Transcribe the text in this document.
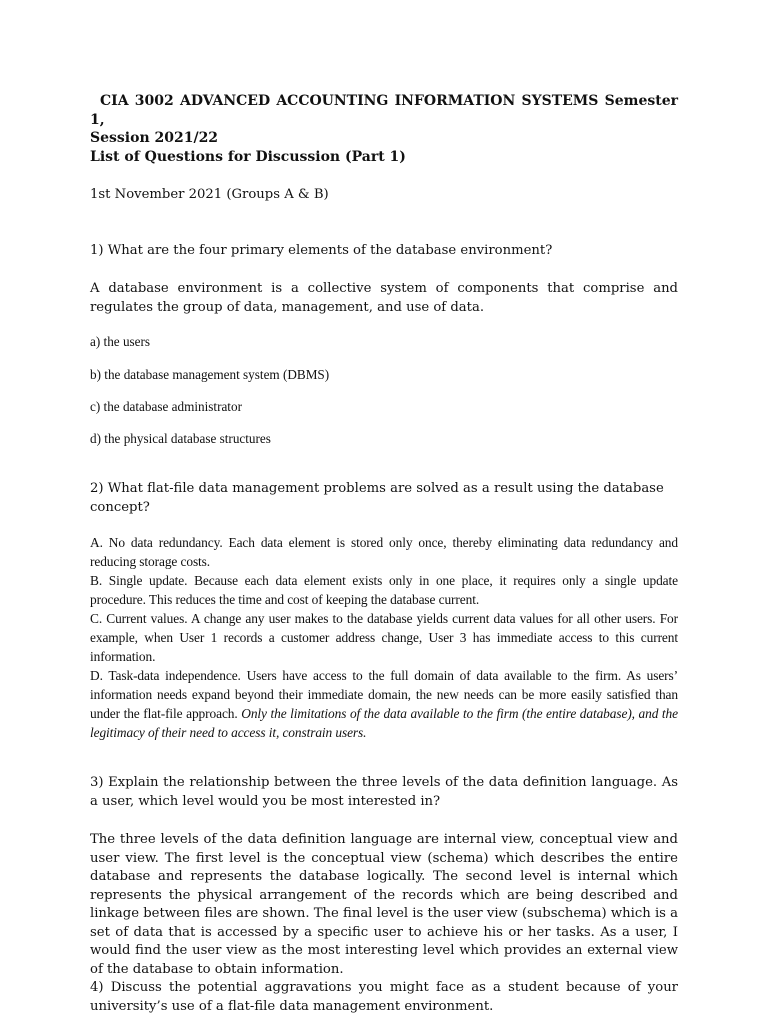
CIA 3002 ADVANCED ACCOUNTING INFORMATION SYSTEMS Semester 1,
Session 2021/22
List of Questions for Discussion (Part 1)

1st November 2021 (Groups A & B)

1) What are the four primary elements of the database environment?

A database environment is a collective system of components that comprise and regulates the group of data, management, and use of data.

a) the users

b) the database management system (DBMS)

c) the database administrator

d) the physical database structures

2) What flat-file data management problems are solved as a result using the database concept?

A. No data redundancy. Each data element is stored only once, thereby eliminating data redundancy and reducing storage costs.
B. Single update. Because each data element exists only in one place, it requires only a single update procedure. This reduces the time and cost of keeping the database current.
C. Current values. A change any user makes to the database yields current data values for all other users. For example, when User 1 records a customer address change, User 3 has immediate access to this current information.
D. Task-data independence. Users have access to the full domain of data available to the firm. As users’ information needs expand beyond their immediate domain, the new needs can be more easily satisfied than under the flat-file approach. Only the limitations of the data available to the firm (the entire database), and the legitimacy of their need to access it, constrain users.

3) Explain the relationship between the three levels of the data definition language. As a user, which level would you be most interested in?

The three levels of the data definition language are internal view, conceptual view and user view. The first level is the conceptual view (schema) which describes the entire database and represents the database logically. The second level is internal which represents the physical arrangement of the records which are being described and linkage between files are shown. The final level is the user view (subschema) which is a set of data that is accessed by a specific user to achieve his or her tasks. As a user, I would find the user view as the most interesting level which provides an external view of the database to obtain information.

4) Discuss the potential aggravations you might face as a student because of your university’s use of a flat-file data management environment.
